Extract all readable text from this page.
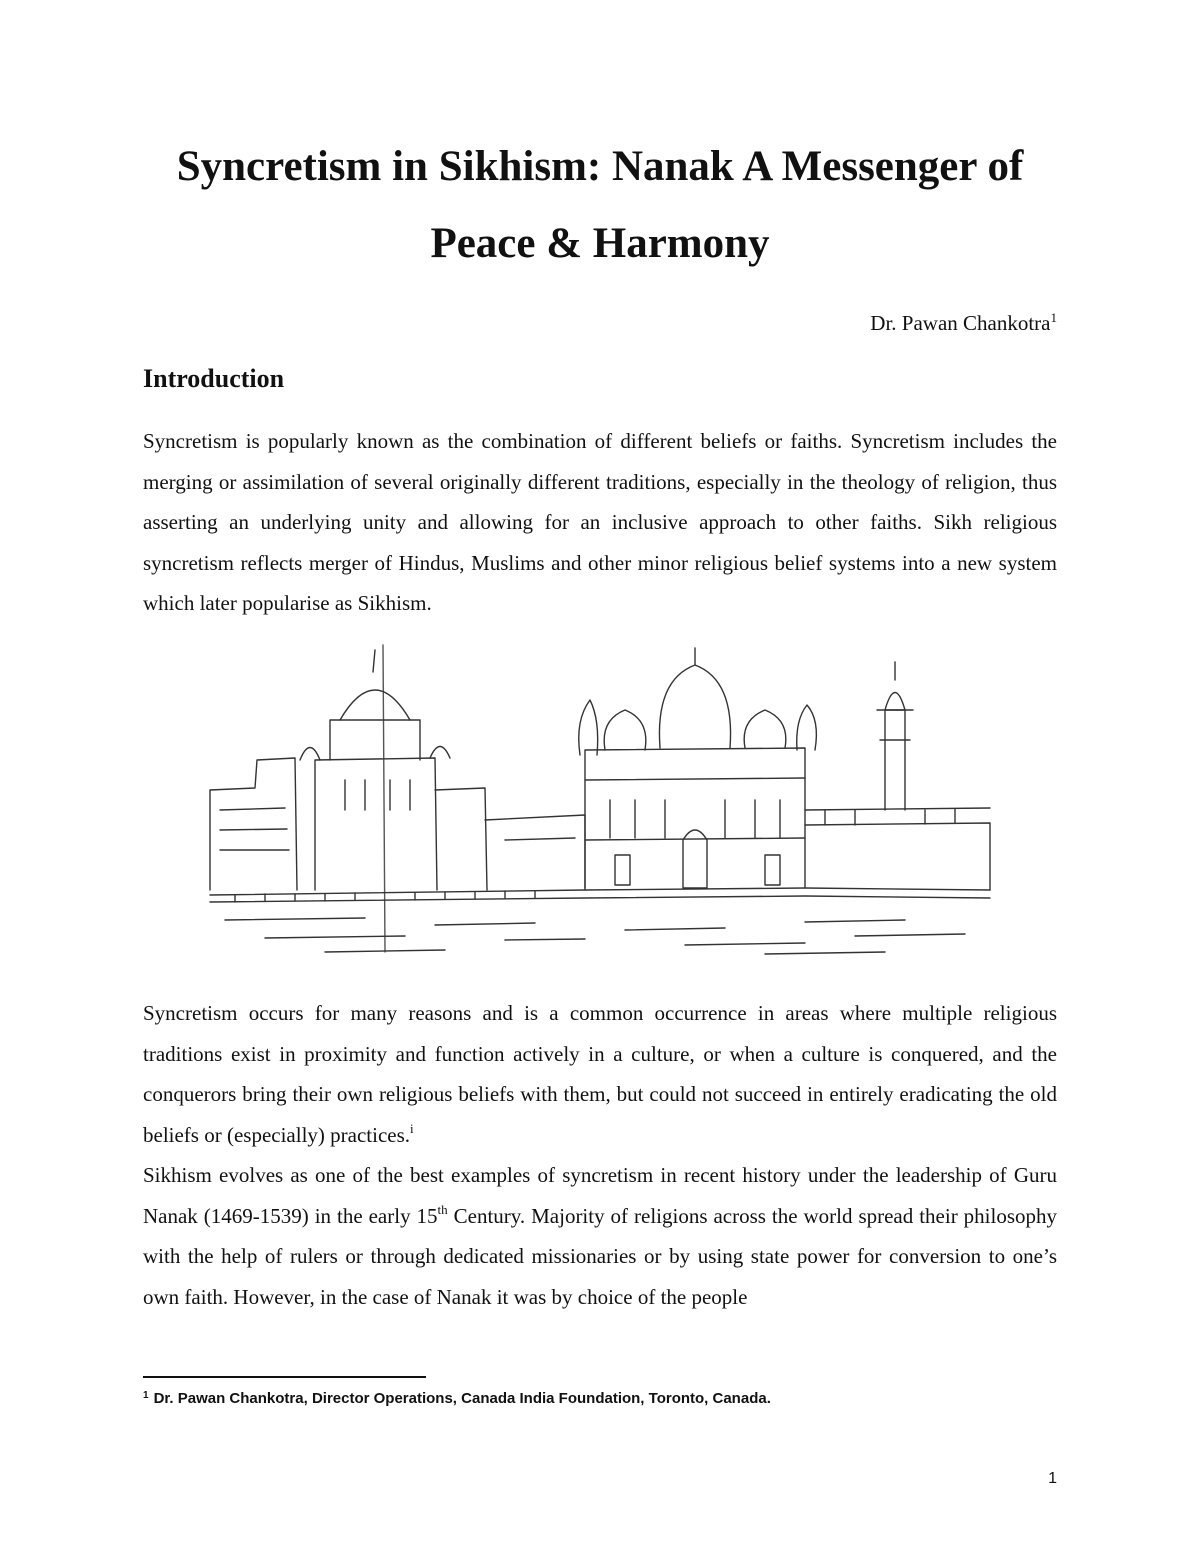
Syncretism in Sikhism: Nanak A Messenger of
Peace & Harmony
Dr. Pawan Chankotra$^1$
Introduction

Syncretism is popularly known as the combination of different beliefs or faiths. Syncretism includes the merging or assimilation of several originally different traditions, especially in the theology of religion, thus asserting an underlying unity and allowing for an inclusive approach to other faiths. Sikh religious syncretism reflects merger of Hindus, Muslims and other minor religious belief systems into a new system which later popularise as Sikhism.

Syncretism occurs for many reasons and is a common occurrence in areas where multiple religious traditions exist in proximity and function actively in a culture, or when a culture is conquered, and the conquerors bring their own religious beliefs with them, but could not succeed in entirely eradicating the old beliefs or (especially) practices.$^i$

Sikhism evolves as one of the best examples of syncretism in recent history under the leadership of Guru Nanak (1469-1539) in the early 15th Century. Majority of religions across the world spread their philosophy with the help of rulers or through dedicated missionaries or by using state power for conversion to one’s own faith. However, in the case of Nanak it was by choice of the people

$^1$ Dr. Pawan Chankotra, Director Operations, Canada India Foundation, Toronto, Canada.
1
